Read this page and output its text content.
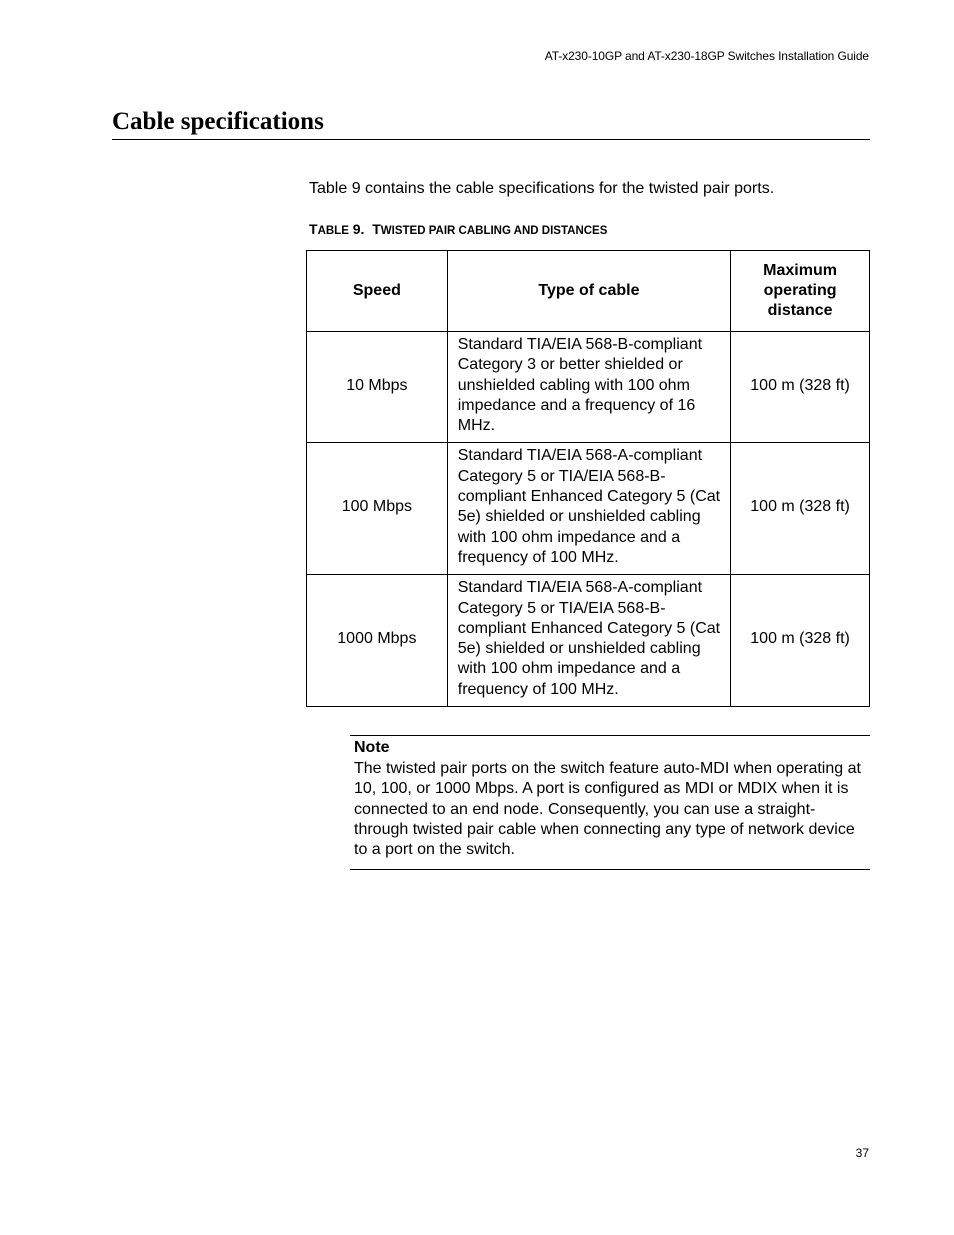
AT-x230-10GP and AT-x230-18GP Switches Installation Guide
Cable specifications

Table 9 contains the cable specifications for the twisted pair ports.

TABLE 9. TWISTED PAIR CABLING AND DISTANCES
Speed	Type of cable	Maximum operating distance
10 Mbps	Standard TIA/EIA 568-B-compliant Category 3 or better shielded or unshielded cabling with 100 ohm impedance and a frequency of 16 MHz.	100 m (328 ft)
100 Mbps	Standard TIA/EIA 568-A-compliant Category 5 or TIA/EIA 568-B-compliant Enhanced Category 5 (Cat 5e) shielded or unshielded cabling with 100 ohm impedance and a frequency of 100 MHz.	100 m (328 ft)
1000 Mbps	Standard TIA/EIA 568-A-compliant Category 5 or TIA/EIA 568-B-compliant Enhanced Category 5 (Cat 5e) shielded or unshielded cabling with 100 ohm impedance and a frequency of 100 MHz.	100 m (328 ft)
Note

The twisted pair ports on the switch feature auto-MDI when operating at 10, 100, or 1000 Mbps. A port is configured as MDI or MDIX when it is connected to an end node. Consequently, you can use a straight-through twisted pair cable when connecting any type of network device to a port on the switch.

37
